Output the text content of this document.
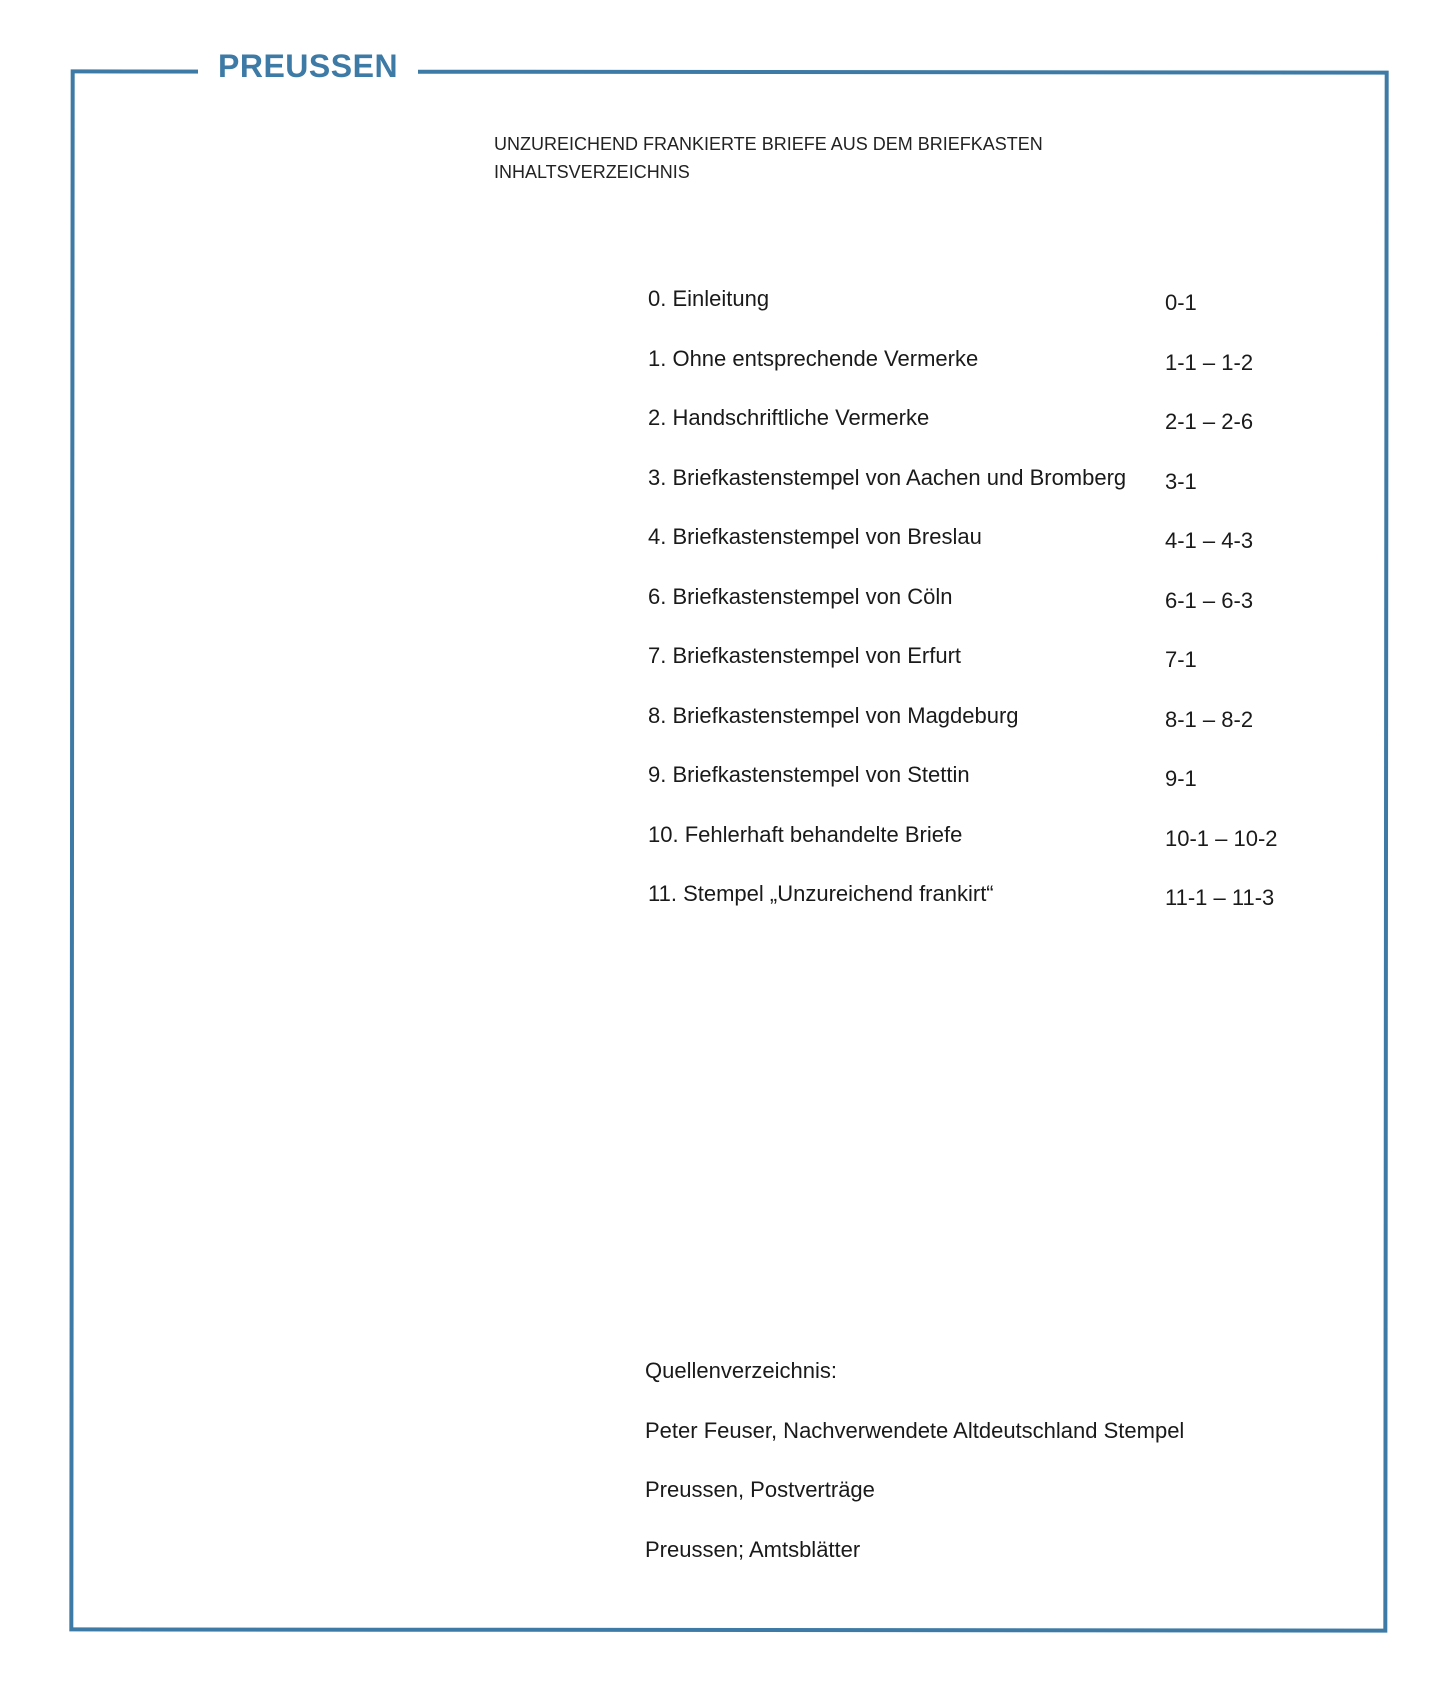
PREUSSEN
UNZUREICHEND FRANKIERTE BRIEFE AUS DEM BRIEFKASTEN
INHALTSVERZEICHNIS
0. Einleitung	0-1
1. Ohne entsprechende Vermerke	1-1 – 1-2
2. Handschriftliche Vermerke	2-1 – 2-6
3. Briefkastenstempel von Aachen und Bromberg 3-1
4. Briefkastenstempel von Breslau	4-1 – 4-3
6. Briefkastenstempel von Cöln	6-1 – 6-3
7. Briefkastenstempel von Erfurt	7-1
8. Briefkastenstempel von Magdeburg	8-1 – 8-2
9. Briefkastenstempel von Stettin	9-1
10. Fehlerhaft behandelte Briefe	10-1 – 10-2
11. Stempel „Unzureichend frankirt“	11-1 – 11-3
Quellenverzeichnis:
Peter Feuser, Nachverwendete Altdeutschland Stempel
Preussen, Postverträge
Preussen; Amtsblätter
